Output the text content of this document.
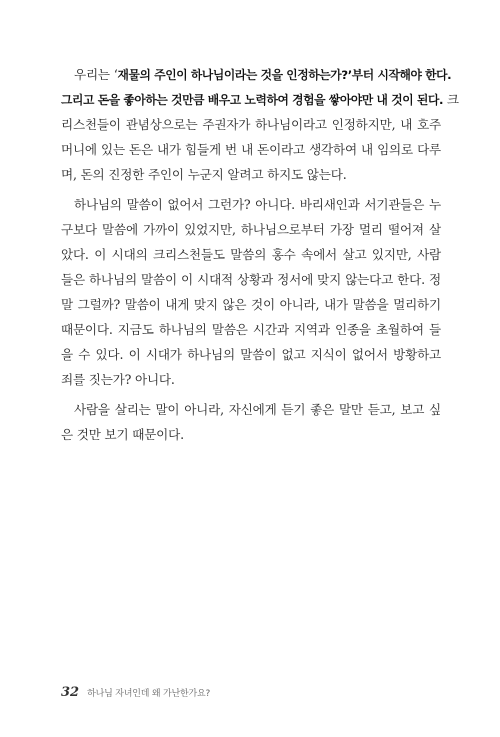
우리는 ‘재물의 주인이 하나님이라는 것을 인정하는가?’부터 시작해야 한다.
그리고 돈을 좋아하는 것만큼 배우고 노력하여 경험을 쌓아야만 내 것이 된다. 크
리스천들이 관념상으로는 주권자가 하나님이라고 인정하지만, 내 호주
머니에 있는 돈은 내가 힘들게 번 내 돈이라고 생각하여 내 임의로 다루
며, 돈의 진정한 주인이 누군지 알려고 하지도 않는다.
하나님의 말씀이 없어서 그런가? 아니다. 바리새인과 서기관들은 누
구보다 말씀에 가까이 있었지만, 하나님으로부터 가장 멀리 떨어져 살
았다. 이 시대의 크리스천들도 말씀의 홍수 속에서 살고 있지만, 사람
들은 하나님의 말씀이 이 시대적 상황과 정서에 맞지 않는다고 한다. 정
말 그럴까? 말씀이 내게 맞지 않은 것이 아니라, 내가 말씀을 멀리하기
때문이다. 지금도 하나님의 말씀은 시간과 지역과 인종을 초월하여 들
을 수 있다. 이 시대가 하나님의 말씀이 없고 지식이 없어서 방황하고
죄를 짓는가? 아니다.
사람을 살리는 말이 아니라, 자신에게 듣기 좋은 말만 듣고, 보고 싶
은 것만 보기 때문이다.
32 하나님 자녀인데 왜 가난한가요?
